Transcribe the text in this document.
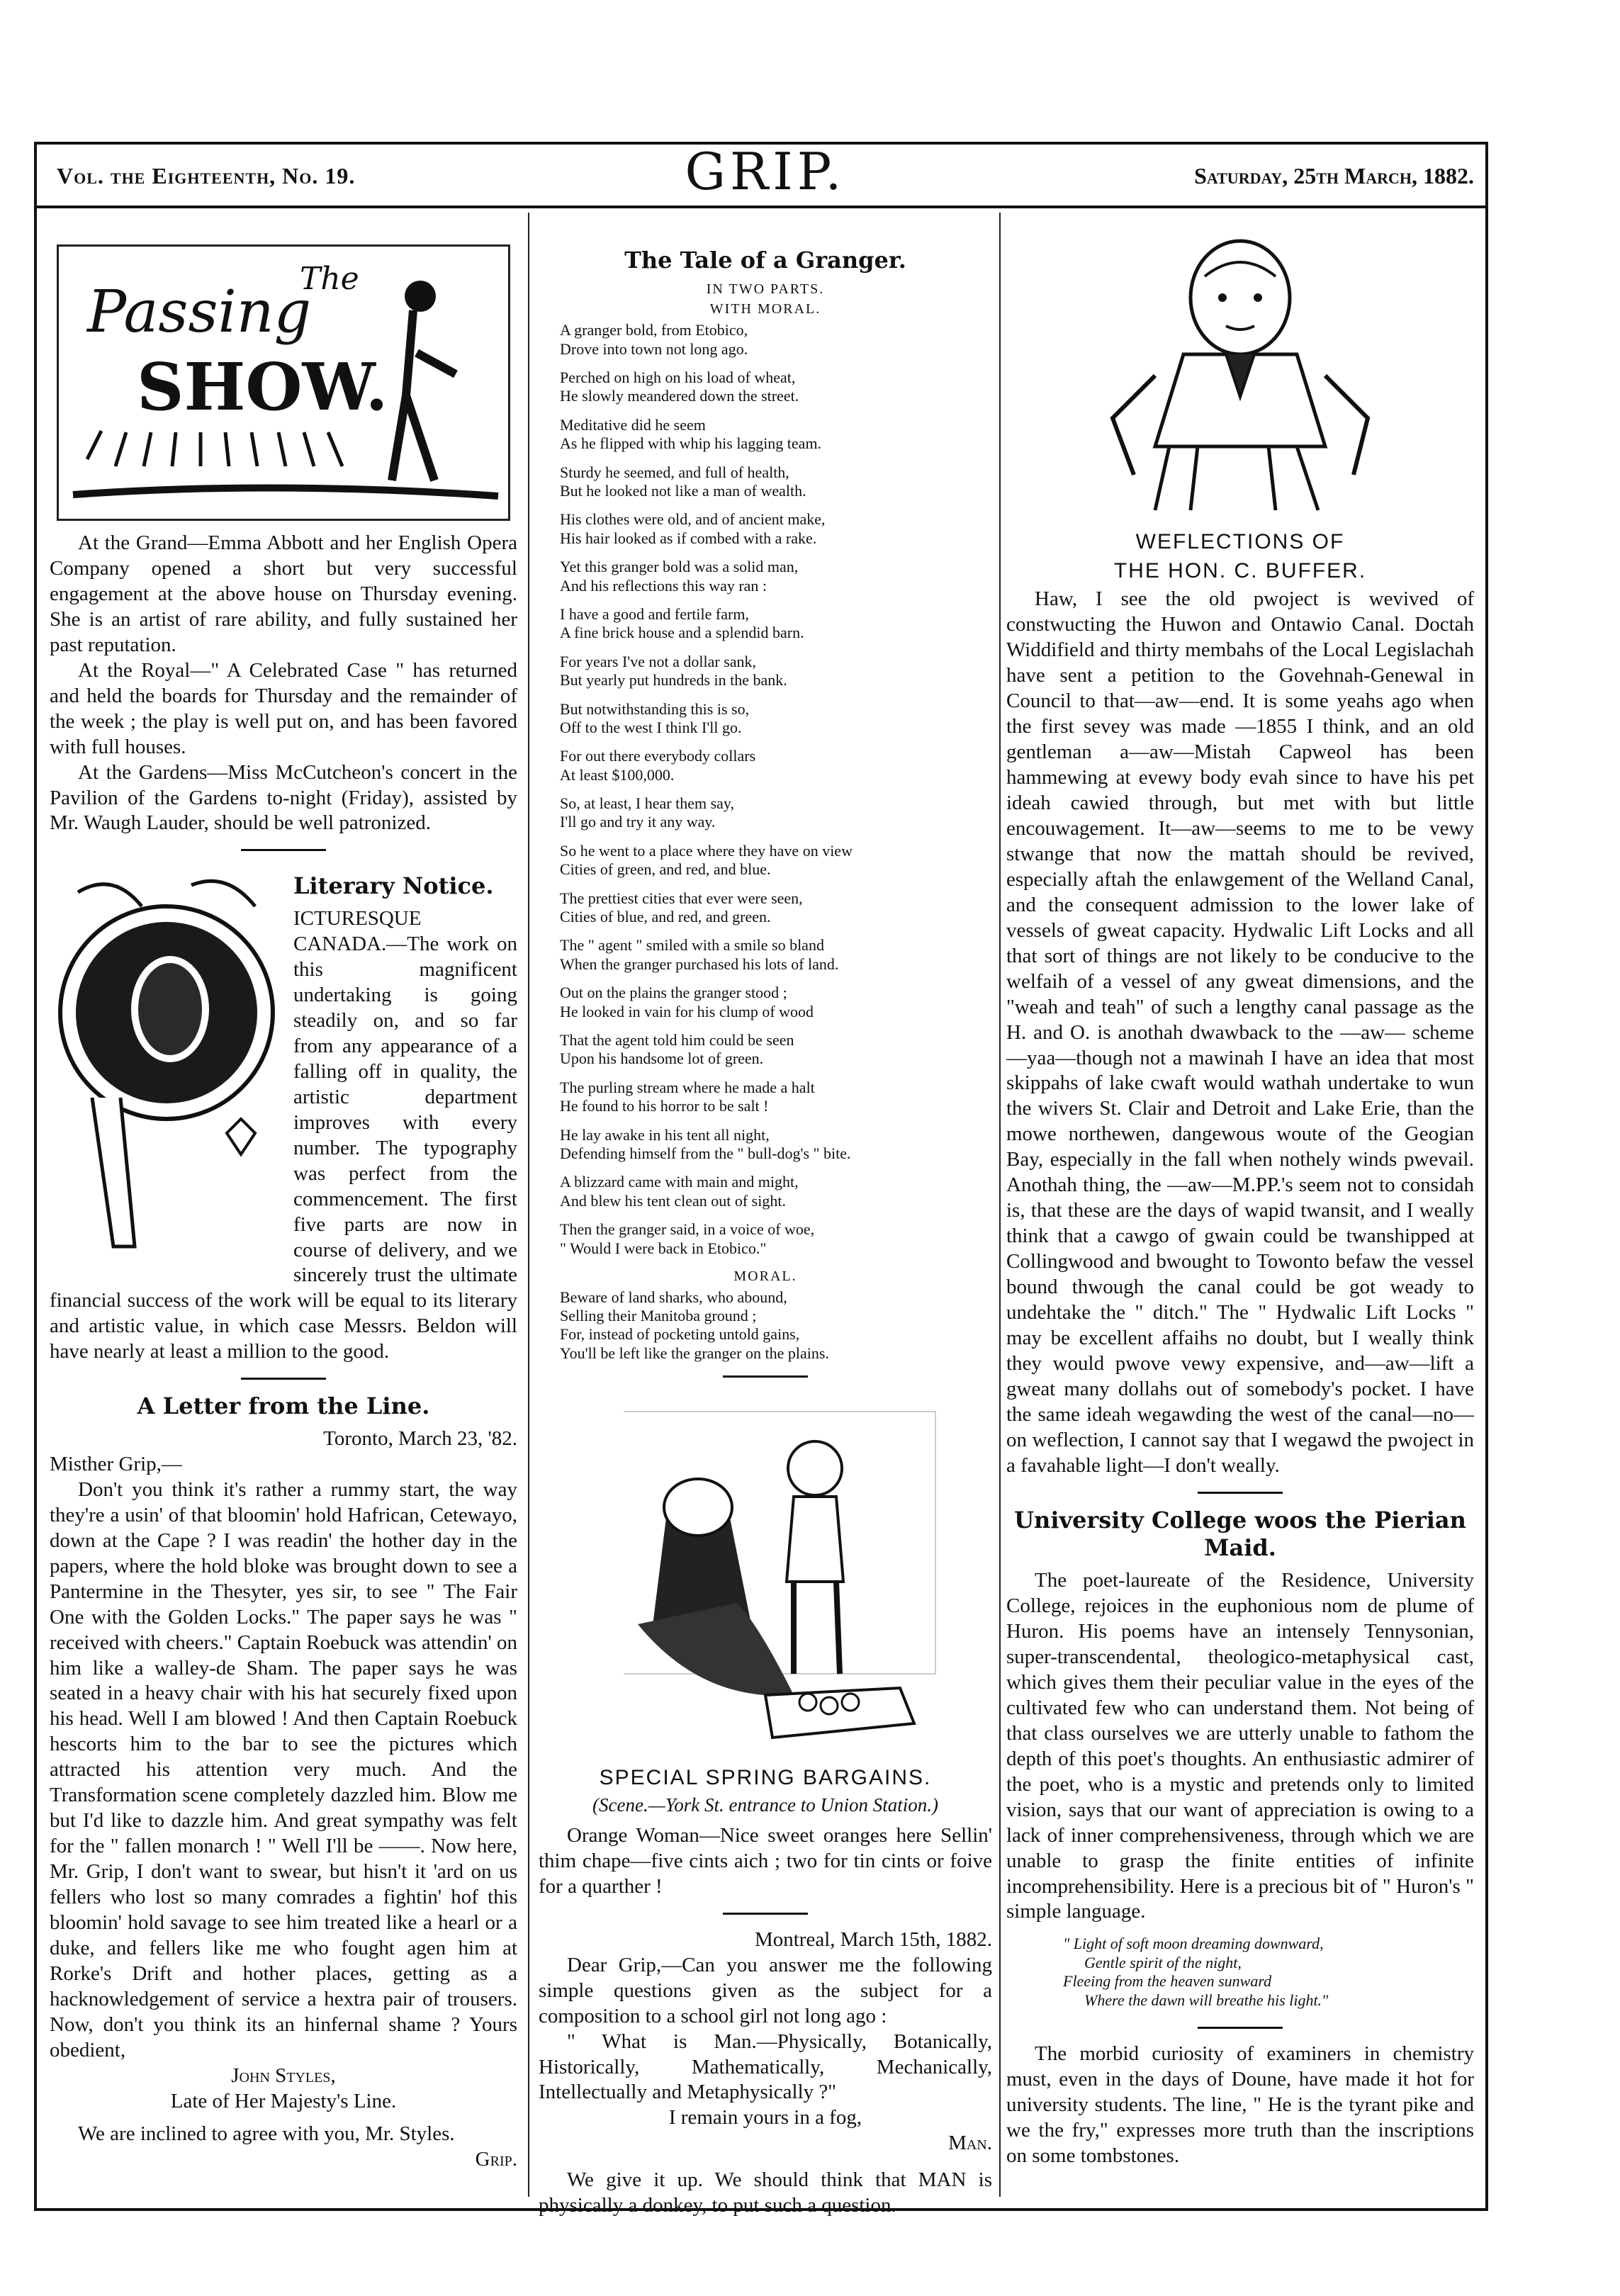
Vol. the Eighteenth, No. 19.	GRIP.	Saturday, 25th March, 1882.
Passing
SHOW.
The

At the Grand—Emma Abbott and her English Opera Company opened a short but very successful engagement at the above house on Thursday evening. She is an artist of rare ability, and fully sustained her past reputation.

At the Royal—" A Celebrated Case " has returned and held the boards for Thursday and the remainder of the week ; the play is well put on, and has been favored with full houses.

At the Gardens—Miss McCutcheon's concert in the Pavilion of the Gardens to-night (Friday), assisted by Mr. Waugh Lauder, should be well patronized.

Literary Notice.

ICTURESQUE CANADA.—The work on this magnificent undertaking is going steadily on, and so far from any appearance of a falling off in quality, the artistic department improves with every number. The typography was perfect from the commencement. The first five parts are now in course of delivery, and we sincerely trust the ultimate financial success of the work will be equal to its literary and artistic value, in which case Messrs. Beldon will have nearly at least a million to the good.

A Letter from the Line.

Toronto, March 23, '82.

Misther Grip,—

Don't you think it's rather a rummy start, the way they're a usin' of that bloomin' hold Hafrican, Cetewayo, down at the Cape ? I was readin' the hother day in the papers, where the hold bloke was brought down to see a Pantermine in the Thesyter, yes sir, to see " The Fair One with the Golden Locks." The paper says he was " received with cheers." Captain Roebuck was attendin' on him like a walley-de Sham. The paper says he was seated in a heavy chair with his hat securely fixed upon his head. Well I am blowed ! And then Captain Roebuck hescorts him to the bar to see the pictures which attracted his attention very much. And the Transformation scene completely dazzled him. Blow me but I'd like to dazzle him. And great sympathy was felt for the " fallen monarch ! " Well I'll be ——. Now here, Mr. Grip, I don't want to swear, but hisn't it 'ard on us fellers who lost so many comrades a fightin' hof this bloomin' hold savage to see him treated like a hearl or a duke, and fellers like me who fought agen him at Rorke's Drift and hother places, getting as a hacknowledgement of service a hextra pair of trousers. Now, don't you think its an hinfernal shame ? Yours obedient,

John Styles,

Late of Her Majesty's Line.

We are inclined to agree with you, Mr. Styles.

Grip.

The Tale of a Granger.
IN TWO PARTS.
WITH MORAL.
A granger bold, from Etobico,
Drove into town not long ago.
Perched on high on his load of wheat,
He slowly meandered down the street.
Meditative did he seem
As he flipped with whip his lagging team.
Sturdy he seemed, and full of health,
But he looked not like a man of wealth.
His clothes were old, and of ancient make,
His hair looked as if combed with a rake.
Yet this granger bold was a solid man,
And his reflections this way ran :
I have a good and fertile farm,
A fine brick house and a splendid barn.
For years I've not a dollar sank,
But yearly put hundreds in the bank.
But notwithstanding this is so,
Off to the west I think I'll go.
For out there everybody collars
At least $100,000.
So, at least, I hear them say,
I'll go and try it any way.
So he went to a place where they have on view
Cities of green, and red, and blue.
The prettiest cities that ever were seen,
Cities of blue, and red, and green.
The " agent " smiled with a smile so bland
When the granger purchased his lots of land.
Out on the plains the granger stood ;
He looked in vain for his clump of wood
That the agent told him could be seen
Upon his handsome lot of green.
The purling stream where he made a halt
He found to his horror to be salt !
He lay awake in his tent all night,
Defending himself from the " bull-dog's " bite.
A blizzard came with main and might,
And blew his tent clean out of sight.
Then the granger said, in a voice of woe,
" Would I were back in Etobico."
MORAL.
Beware of land sharks, who abound,
Selling their Manitoba ground ;
For, instead of pocketing untold gains,
You'll be left like the granger on the plains.
SPECIAL SPRING BARGAINS.
(Scene.—York St. entrance to Union Station.)

Orange Woman—Nice sweet oranges here Sellin' thim chape—five cints aich ; two for tin cints or foive for a quarther !

Montreal, March 15th, 1882.

Dear Grip,—Can you answer me the following simple questions given as the subject for a composition to a school girl not long ago :

" What is Man.—Physically, Botanically, Historically, Mathematically, Mechanically, Intellectually and Metaphysically ?"

I remain yours in a fog,

Man.

We give it up. We should think that MAN is physically a donkey, to put such a question.

WEFLECTIONS OF
THE HON. C. BUFFER.

Haw, I see the old pwoject is wevived of constwucting the Huwon and Ontawio Canal. Doctah Widdifield and thirty membahs of the Local Legislachah have sent a petition to the Govehnah-Genewal in Council to that—aw—end. It is some yeahs ago when the first sevey was made —1855 I think, and an old gentleman a—aw—Mistah Capweol has been hammewing at evewy body evah since to have his pet ideah cawied through, but met with but little encouwagement. It—aw—seems to me to be vewy stwange that now the mattah should be revived, especially aftah the enlawgement of the Welland Canal, and the consequent admission to the lower lake of vessels of gweat capacity. Hydwalic Lift Locks and all that sort of things are not likely to be conducive to the welfaih of a vessel of any gweat dimensions, and the "weah and teah" of such a lengthy canal passage as the H. and O. is anothah dwawback to the —aw— scheme—yaa—though not a mawinah I have an idea that most skippahs of lake cwaft would wathah undertake to wun the wivers St. Clair and Detroit and Lake Erie, than the mowe northewen, dangewous woute of the Geogian Bay, especially in the fall when nothely winds pwevail. Anothah thing, the —aw—M.PP.'s seem not to considah is, that these are the days of wapid twansit, and I weally think that a cawgo of gwain could be twanshipped at Collingwood and bwought to Towonto befaw the vessel bound thwough the canal could be got weady to undehtake the " ditch." The " Hydwalic Lift Locks " may be excellent affaihs no doubt, but I weally think they would pwove vewy expensive, and—aw—lift a gweat many dollahs out of somebody's pocket. I have the same ideah wegawding the west of the canal—no—on weflection, I cannot say that I wegawd the pwoject in a favahable light—I don't weally.

University College woos the Pierian Maid.

The poet-laureate of the Residence, University College, rejoices in the euphonious nom de plume of Huron. His poems have an intensely Tennysonian, super-transcendental, theologico-metaphysical cast, which gives them their peculiar value in the eyes of the cultivated few who can understand them. Not being of that class ourselves we are utterly unable to fathom the depth of this poet's thoughts. An enthusiastic admirer of the poet, who is a mystic and pretends only to limited vision, says that our want of appreciation is owing to a lack of inner comprehensiveness, through which we are unable to grasp the finite entities of infinite incomprehensibility. Here is a precious bit of " Huron's " simple language.

" Light of soft moon dreaming downward,
Gentle spirit of the night,
Fleeing from the heaven sunward
Where the dawn will breathe his light."

The morbid curiosity of examiners in chemistry must, even in the days of Doune, have made it hot for university students. The line, " He is the tyrant pike and we the fry," expresses more truth than the inscriptions on some tombstones.
